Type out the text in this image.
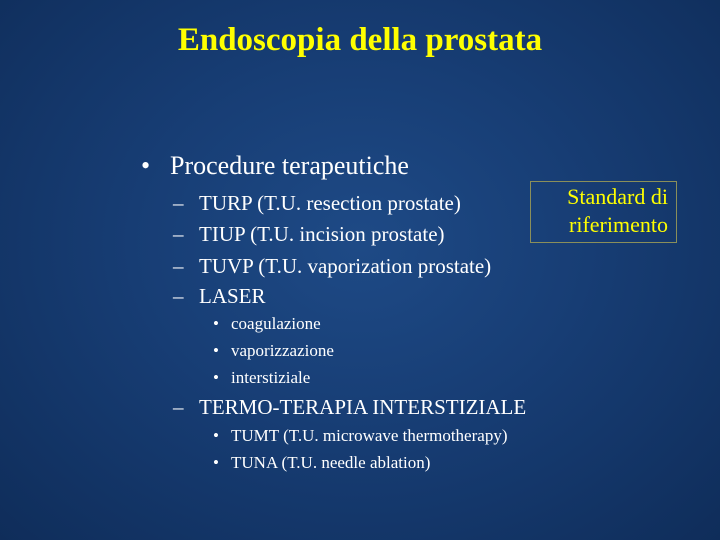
Endoscopia della prostata
• Procedure terapeutiche
– TURP (T.U. resection prostate)
– TIUP (T.U. incision prostate)
– TUVP (T.U. vaporization prostate)
– LASER
• coagulazione
• vaporizzazione
• interstiziale
– TERMO-TERAPIA INTERSTIZIALE
• TUMT (T.U. microwave thermotherapy)
• TUNA (T.U. needle ablation)
Standard di
riferimento
